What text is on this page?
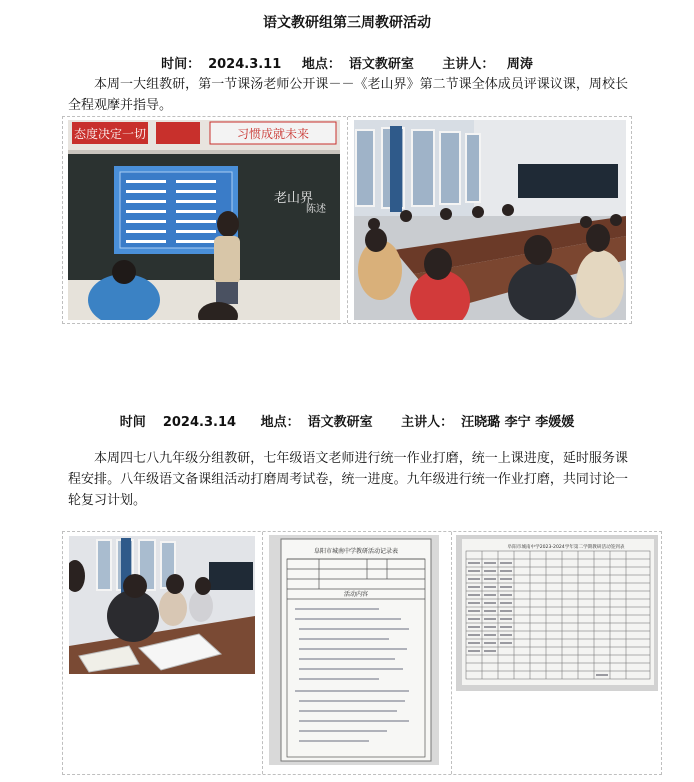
语文教研组第三周教研活动
时间： 2024.3.11 地点： 语文教研室 主讲人： 周涛
本周一大组教研，第一节课汤老师公开课－－《老山界》第二节课全体成员评课议课，周校长全程观摩并指导。
态度决定一切	习惯成就未来
老山界
陈述
时间 2024.3.14 地点： 语文教研室 主讲人： 汪晓璐 李宁 李媛媛
本周四七八九年级分组教研，七年级语文老师进行统一作业打磨，统一上课进度，延时服务课程安排。八年级语文备课组活动打磨周考试卷，统一进度。九年级进行统一作业打磨，共同讨论一轮复习计划。
阜阳市城南中学教研活动记录表
活动内容
阜阳市城南中学2023-2024学年第二学期教研活动签到表
